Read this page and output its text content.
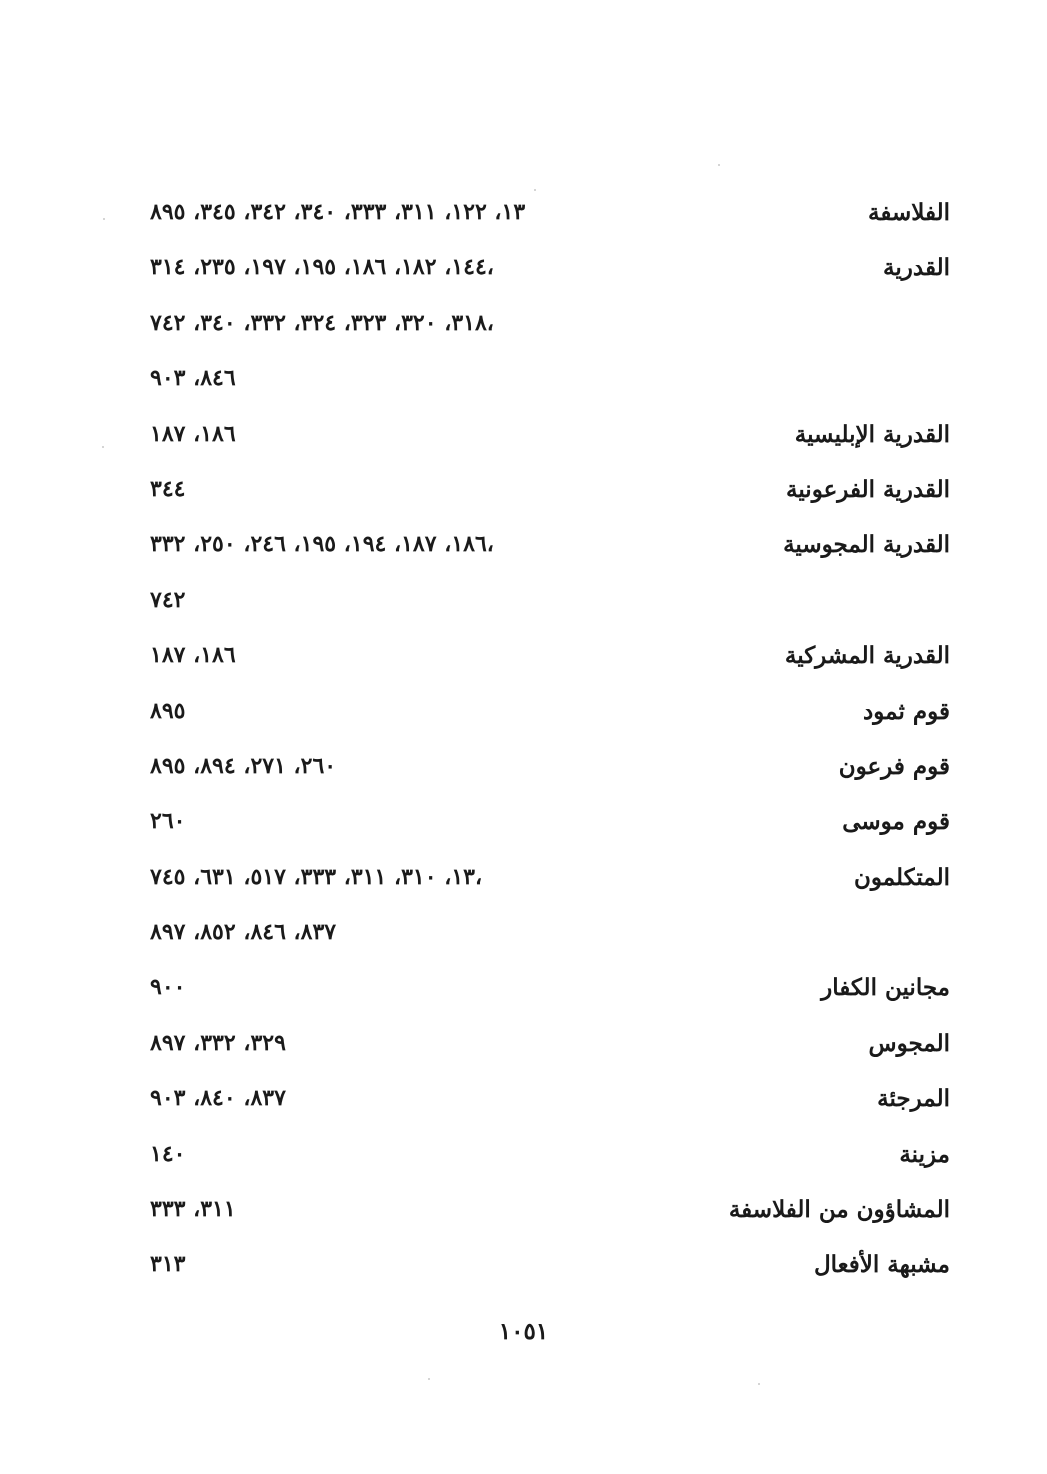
الفلاسفة
١٣، ١٢٢، ٣١١، ٣٣٣، ٣٤٠، ٣٤٢، ٣٤٥، ٨٩٥
القدرية
١٤٤، ١٨٢، ١٨٦، ١٩٥، ١٩٧، ٢٣٥، ٣١٤،
٣١٨، ٣٢٠، ٣٢٣، ٣٢٤، ٣٣٢، ٣٤٠، ٧٤٢،
٨٤٦، ٩٠٣
القدرية الإبليسية
١٨٦، ١٨٧
القدرية الفرعونية
٣٤٤
القدرية المجوسية
١٨٦، ١٨٧، ١٩٤، ١٩٥، ٢٤٦، ٢٥٠، ٣٣٢،
٧٤٢
القدرية المشركية
١٨٦، ١٨٧
قوم ثمود
٨٩٥
قوم فرعون
٢٦٠، ٢٧١، ٨٩٤، ٨٩٥
قوم موسى
٢٦٠
المتكلمون
١٣، ٣١٠، ٣١١، ٣٣٣، ٥١٧، ٦٣١، ٧٤٥،
٨٣٧، ٨٤٦، ٨٥٢، ٨٩٧
مجانين الكفار
٩٠٠
المجوس
٣٢٩، ٣٣٢، ٨٩٧
المرجئة
٨٣٧، ٨٤٠، ٩٠٣
مزينة
١٤٠
المشاؤون من الفلاسفة
٣١١، ٣٣٣
مشبهة الأفعال
٣١٣
١٠٥١
